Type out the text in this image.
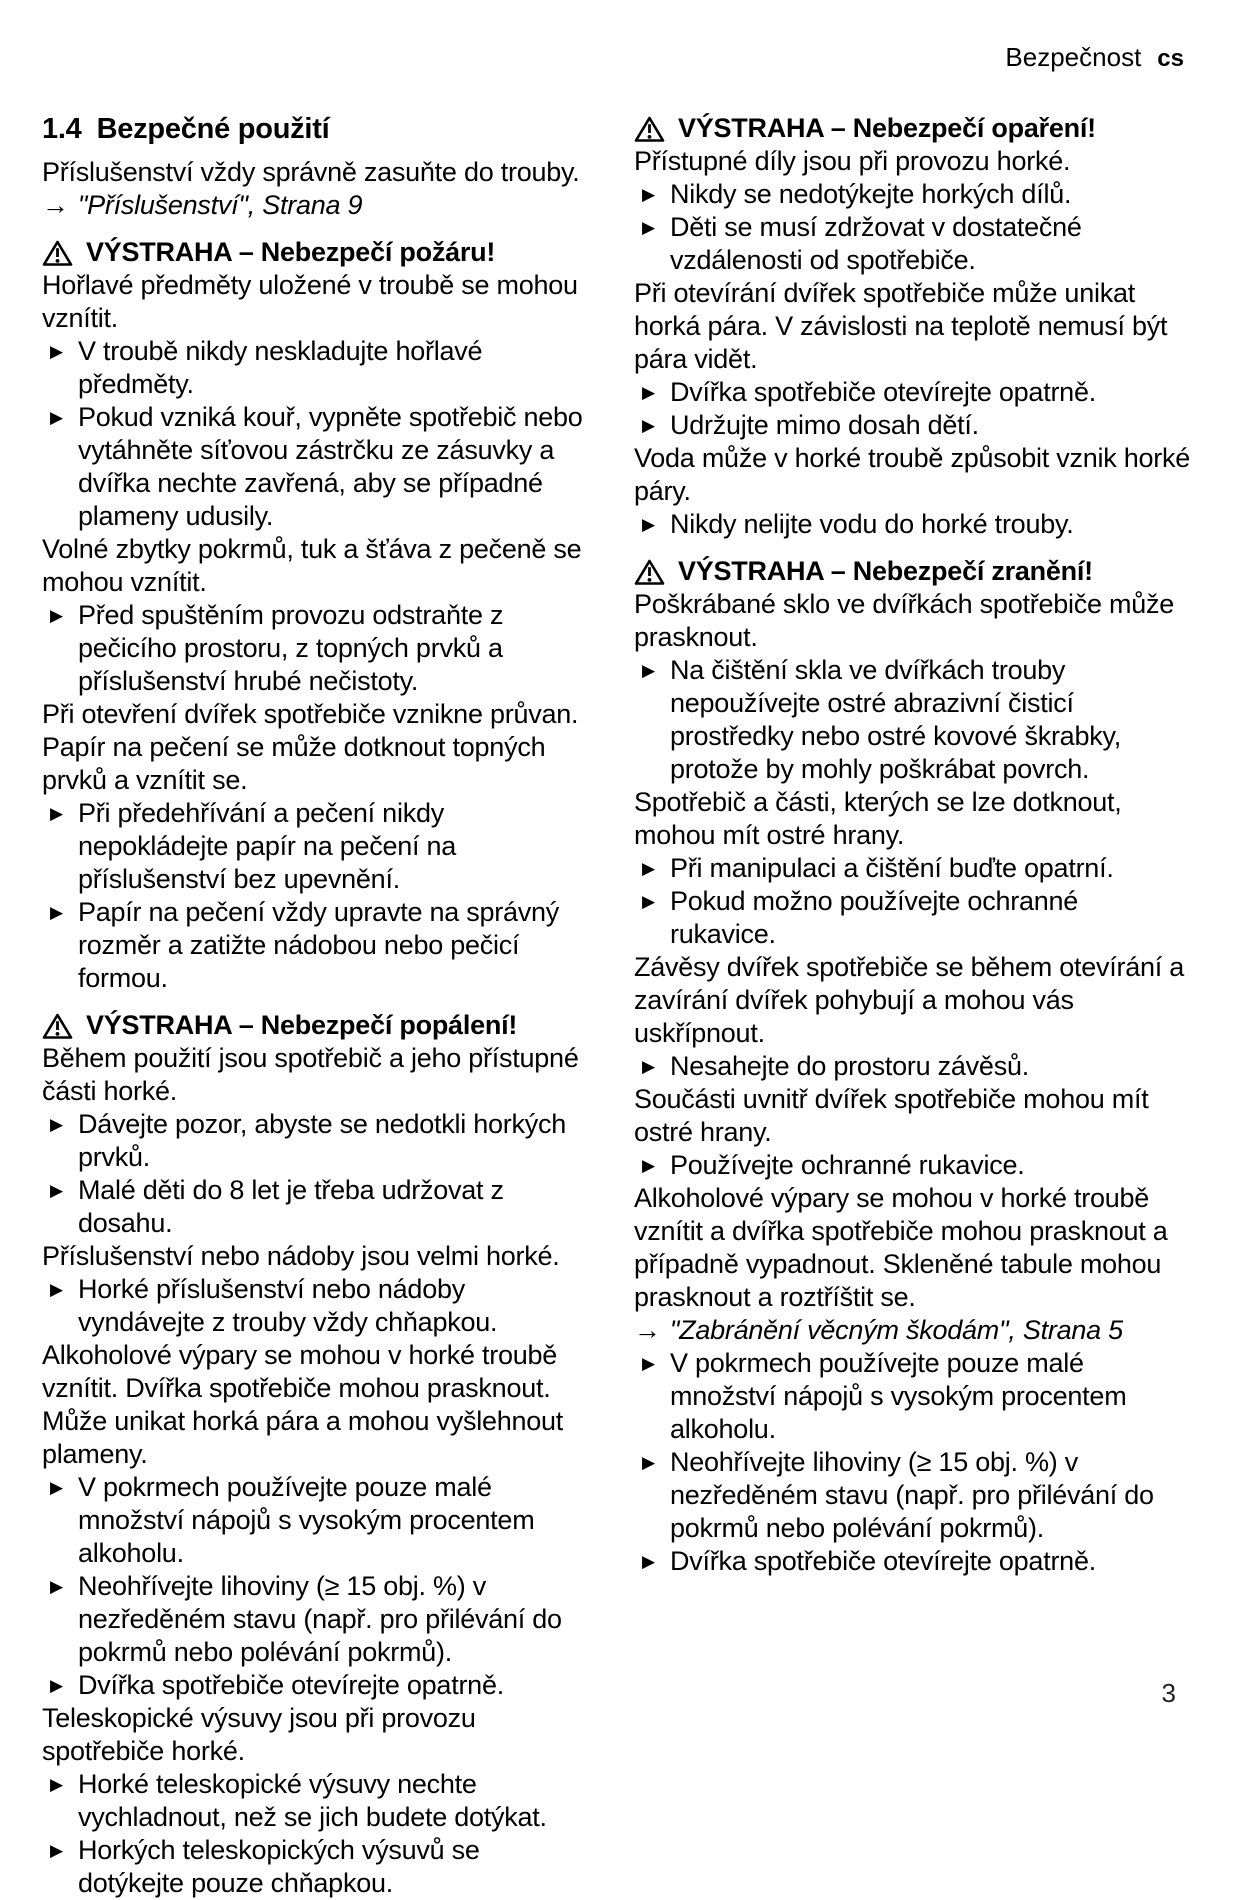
Bezpečnost cs
1.4 Bezpečné použití

Příslušenství vždy správně zasuňte do trouby.

→ "Příslušenství", Strana 9

VÝSTRAHA – Nebezpečí požáru!

Hořlavé předměty uložené v troubě se mohou vznítit.

▶ V troubě nikdy neskladujte hořlavé předměty.
▶ Pokud vzniká kouř, vypněte spotřebič nebo vytáhněte síťovou zástrčku ze zásuvky a dvířka nechte zavřená, aby se případné plameny udusily.

Volné zbytky pokrmů, tuk a šťáva z pečeně se mohou vznítit.

▶ Před spuštěním provozu odstraňte z pečicího prostoru, z topných prvků a příslušenství hrubé nečistoty.

Při otevření dvířek spotřebiče vznikne průvan. Papír na pečení se může dotknout topných prvků a vznítit se.

▶ Při předehřívání a pečení nikdy nepokládejte papír na pečení na příslušenství bez upevnění.
▶ Papír na pečení vždy upravte na správný rozměr a zatižte nádobou nebo pečicí formou.
VÝSTRAHA – Nebezpečí popálení!

Během použití jsou spotřebič a jeho přístupné části horké.

▶ Dávejte pozor, abyste se nedotkli horkých prvků.
▶ Malé děti do 8 let je třeba udržovat z dosahu.

Příslušenství nebo nádoby jsou velmi horké.

▶ Horké příslušenství nebo nádoby vyndávejte z trouby vždy chňapkou.

Alkoholové výpary se mohou v horké troubě vznítit. Dvířka spotřebiče mohou prasknout. Může unikat horká pára a mohou vyšlehnout plameny.

▶ V pokrmech používejte pouze malé množství nápojů s vysokým procentem alkoholu.
▶ Neohřívejte lihoviny (≥ 15 obj. %) v nezředěném stavu (např. pro přilévání do pokrmů nebo polévání pokrmů).
▶ Dvířka spotřebiče otevírejte opatrně.

Teleskopické výsuvy jsou při provozu spotřebiče horké.

▶ Horké teleskopické výsuvy nechte vychladnout, než se jich budete dotýkat.
▶ Horkých teleskopických výsuvů se dotýkejte pouze chňapkou.
VÝSTRAHA – Nebezpečí opaření!

Přístupné díly jsou při provozu horké.

▶ Nikdy se nedotýkejte horkých dílů.
▶ Děti se musí zdržovat v dostatečné vzdálenosti od spotřebiče.

Při otevírání dvířek spotřebiče může unikat horká pára. V závislosti na teplotě nemusí být pára vidět.

▶ Dvířka spotřebiče otevírejte opatrně.
▶ Udržujte mimo dosah dětí.

Voda může v horké troubě způsobit vznik horké páry.

▶ Nikdy nelijte vodu do horké trouby.
VÝSTRAHA – Nebezpečí zranění!

Poškrábané sklo ve dvířkách spotřebiče může prasknout.

▶ Na čištění skla ve dvířkách trouby nepoužívejte ostré abrazivní čisticí prostředky nebo ostré kovové škrabky, protože by mohly poškrábat povrch.

Spotřebič a části, kterých se lze dotknout, mohou mít ostré hrany.

▶ Při manipulaci a čištění buďte opatrní.
▶ Pokud možno používejte ochranné rukavice.

Závěsy dvířek spotřebiče se během otevírání a zavírání dvířek pohybují a mohou vás uskřípnout.

▶ Nesahejte do prostoru závěsů.

Součásti uvnitř dvířek spotřebiče mohou mít ostré hrany.

▶ Používejte ochranné rukavice.

Alkoholové výpary se mohou v horké troubě vznítit a dvířka spotřebiče mohou prasknout a případně vypadnout. Skleněné tabule mohou prasknout a roztříštit se.

→ "Zabránění věcným škodám", Strana 5

▶ V pokrmech používejte pouze malé množství nápojů s vysokým procentem alkoholu.
▶ Neohřívejte lihoviny (≥ 15 obj. %) v nezředěném stavu (např. pro přilévání do pokrmů nebo polévání pokrmů).
▶ Dvířka spotřebiče otevírejte opatrně.
3
